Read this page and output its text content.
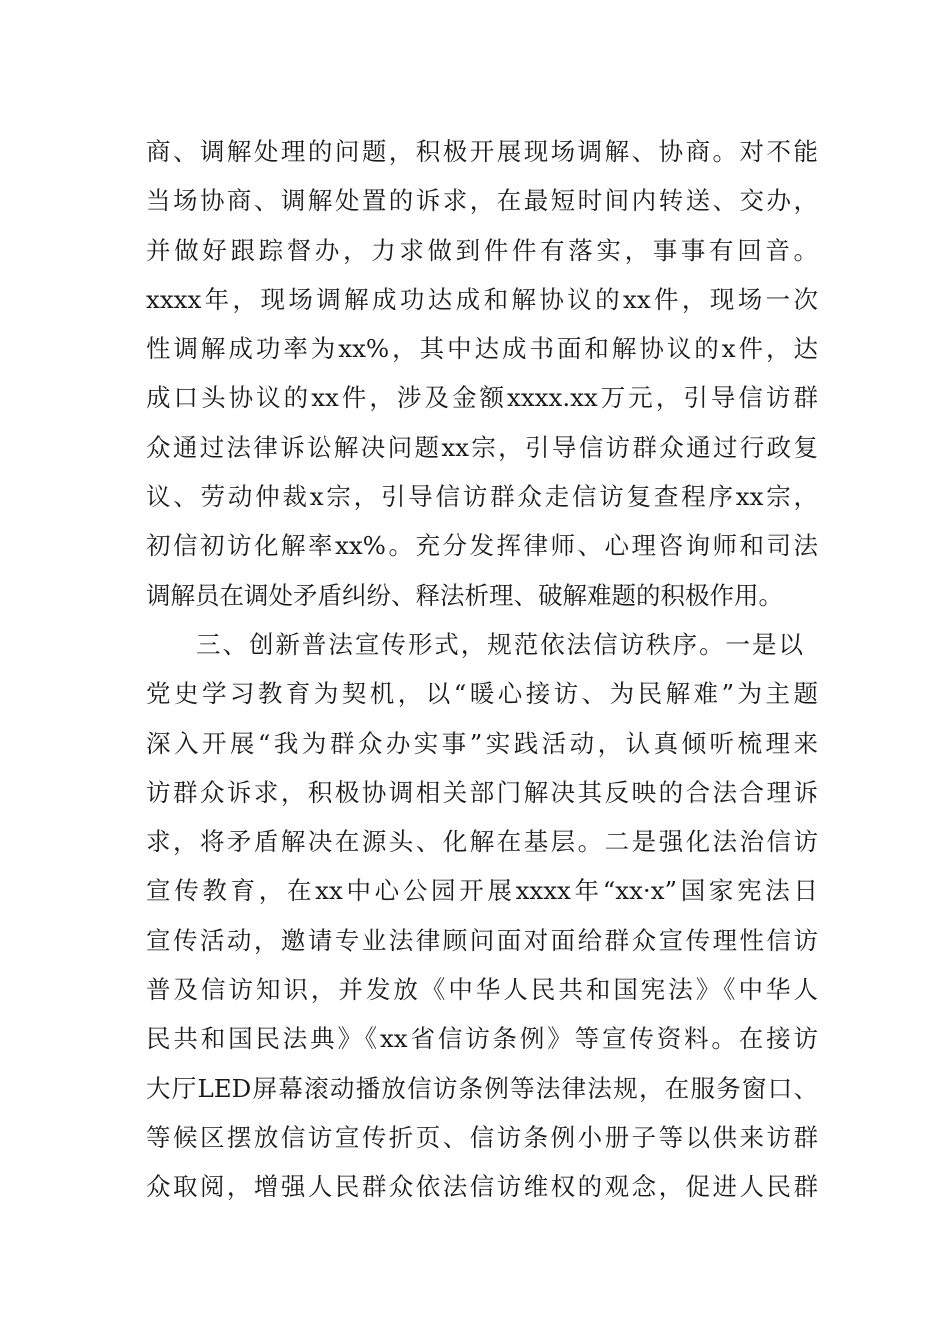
商、调解处理的问题，积极开展现场调解、协商。对不能
当场协商、调解处置的诉求，在最短时间内转送、交办，
并做好跟踪督办，力求做到件件有落实，事事有回音。
xxxx年，现场调解成功达成和解协议的xx件，现场一次
性调解成功率为xx%，其中达成书面和解协议的x件，达
成口头协议的xx件，涉及金额xxxx.xx万元，引导信访群
众通过法律诉讼解决问题xx宗，引导信访群众通过行政复
议、劳动仲裁x宗，引导信访群众走信访复查程序xx宗，
初信初访化解率xx%。充分发挥律师、心理咨询师和司法
调解员在调处矛盾纠纷、释法析理、破解难题的积极作用。
三、创新普法宣传形式，规范依法信访秩序。一是以
党史学习教育为契机，以“暖心接访、为民解难”为主题
深入开展“我为群众办实事”实践活动，认真倾听梳理来
访群众诉求，积极协调相关部门解决其反映的合法合理诉
求，将矛盾解决在源头、化解在基层。二是强化法治信访
宣传教育，在xx中心公园开展xxxx年“xx·x”国家宪法日
宣传活动，邀请专业法律顾问面对面给群众宣传理性信访
普及信访知识，并发放《中华人民共和国宪法》《中华人
民共和国民法典》《xx省信访条例》等宣传资料。在接访
大厅LED屏幕滚动播放信访条例等法律法规，在服务窗口、
等候区摆放信访宣传折页、信访条例小册子等以供来访群
众取阅，增强人民群众依法信访维权的观念，促进人民群
